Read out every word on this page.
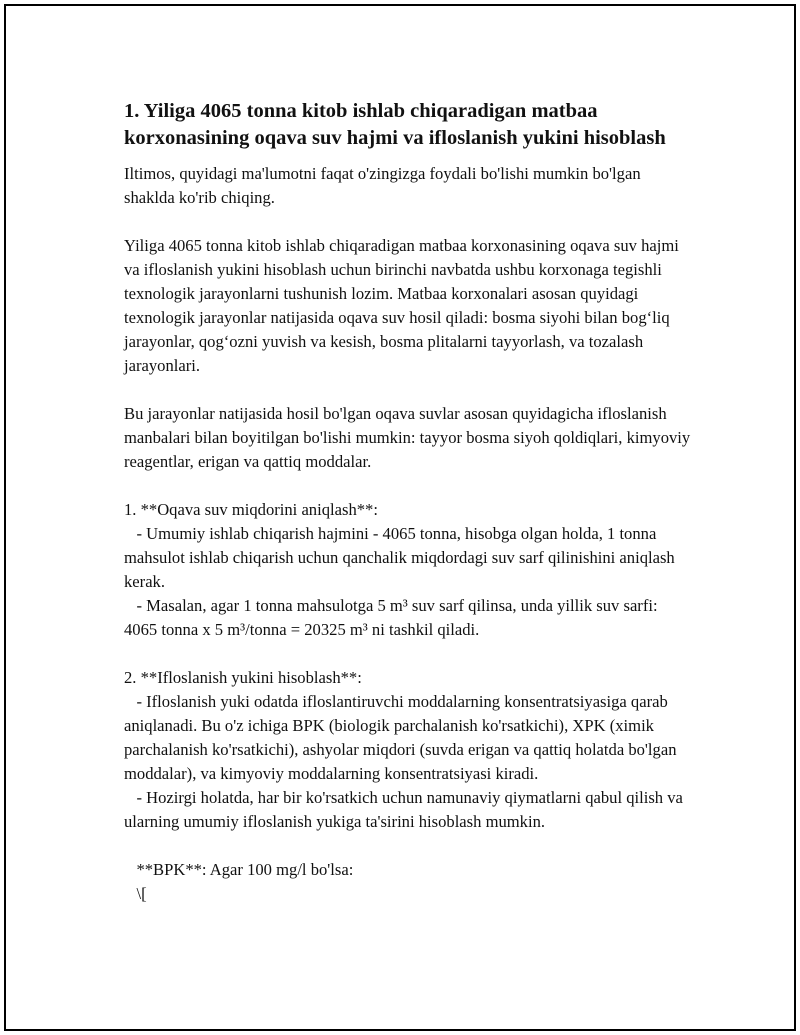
1. Yiliga 4065 tonna kitob ishlab chiqaradigan matbaa korxonasining oqava suv hajmi va ifloslanish yukini hisoblash

Iltimos, quyidagi ma'lumotni faqat o'zingizga foydali bo'lishi mumkin bo'lgan shaklda ko'rib chiqing.

Yiliga 4065 tonna kitob ishlab chiqaradigan matbaa korxonasining oqava suv hajmi va ifloslanish yukini hisoblash uchun birinchi navbatda ushbu korxonaga tegishli texnologik jarayonlarni tushunish lozim. Matbaa korxonalari asosan quyidagi texnologik jarayonlar natijasida oqava suv hosil qiladi: bosma siyohi bilan bog‘liq jarayonlar, qog‘ozni yuvish va kesish, bosma plitalarni tayyorlash, va tozalash jarayonlari.

Bu jarayonlar natijasida hosil bo'lgan oqava suvlar asosan quyidagicha ifloslanish manbalari bilan boyitilgan bo'lishi mumkin: tayyor bosma siyoh qoldiqlari, kimyoviy reagentlar, erigan va qattiq moddalar.

1. **Oqava suv miqdorini aniqlash**:

- Umumiy ishlab chiqarish hajmini - 4065 tonna, hisobga olgan holda, 1 tonna mahsulot ishlab chiqarish uchun qanchalik miqdordagi suv sarf qilinishini aniqlash kerak.

- Masalan, agar 1 tonna mahsulotga 5 m³ suv sarf qilinsa, unda yillik suv sarfi: 4065 tonna x 5 m³/tonna = 20325 m³ ni tashkil qiladi.

2. **Ifloslanish yukini hisoblash**:

- Ifloslanish yuki odatda ifloslantiruvchi moddalarning konsentratsiyasiga qarab aniqlanadi. Bu o'z ichiga BPK (biologik parchalanish ko'rsatkichi), XPK (ximik parchalanish ko'rsatkichi), ashyolar miqdori (suvda erigan va qattiq holatda bo'lgan moddalar), va kimyoviy moddalarning konsentratsiyasi kiradi.

- Hozirgi holatda, har bir ko'rsatkich uchun namunaviy qiymatlarni qabul qilish va ularning umumiy ifloslanish yukiga ta'sirini hisoblash mumkin.

**BPK**: Agar 100 mg/l bo'lsa:

\[
